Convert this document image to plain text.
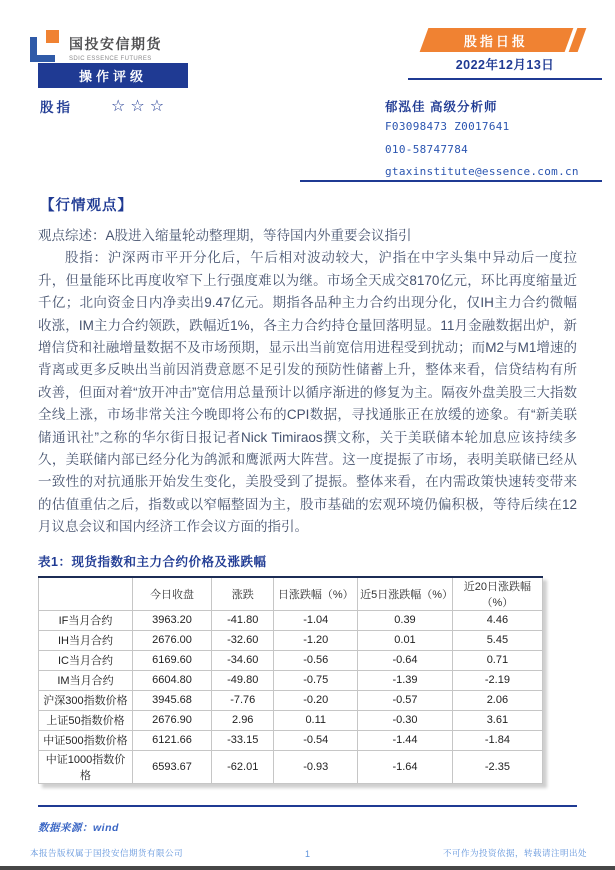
国投安信期货
SDIC ESSENCE FUTURES
操作评级
股指 ☆☆☆
股指日报
2022年12月13日
郁泓佳 高级分析师
F03098473 Z0017641
010-58747784
gtaxinstitute@essence.com.cn
【行情观点】

观点综述：A股进入缩量轮动整理期，等待国内外重要会议指引

股指：沪深两市平开分化后，午后相对波动较大，沪指在中字头集中异动后一度拉升，但量能环比再度收窄下上行强度难以为继。市场全天成交8170亿元，环比再度缩量近千亿；北向资金日内净卖出9.47亿元。期指各品种主力合约出现分化，仅IH主力合约微幅收涨，IM主力合约领跌，跌幅近1%，各主力合约持仓量回落明显。11月金融数据出炉，新增信贷和社融增量数据不及市场预期，显示出当前宽信用进程受到扰动；而M2与M1增速的背离或更多反映出当前因消费意愿不足引发的预防性储蓄上升，整体来看，信贷结构有所改善，但面对着“放开冲击”宽信用总量预计以循序渐进的修复为主。隔夜外盘美股三大指数全线上涨，市场非常关注今晚即将公布的CPI数据，寻找通胀正在放缓的迹象。有“新美联储通讯社”之称的华尔街日报记者Nick Timiraos撰文称，关于美联储本轮加息应该持续多久，美联储内部已经分化为鸽派和鹰派两大阵营。这一度提振了市场，表明美联储已经从一致性的对抗通胀开始发生变化，美股受到了提振。整体来看，在内需政策快速转变带来的估值重估之后，指数或以窄幅整固为主，股市基础的宏观环境仍偏积极，等待后续在12月议息会议和国内经济工作会议方面的指引。

表1：现货指数和主力合约价格及涨跌幅
	今日收盘	涨跌	日涨跌幅（%）	近5日涨跌幅（%）	近20日涨跌幅（%）
IF当月合约	3963.20	-41.80	-1.04	0.39	4.46
IH当月合约	2676.00	-32.60	-1.20	0.01	5.45
IC当月合约	6169.60	-34.60	-0.56	-0.64	0.71
IM当月合约	6604.80	-49.80	-0.75	-1.39	-2.19
沪深300指数价格	3945.68	-7.76	-0.20	-0.57	2.06
上证50指数价格	2676.90	2.96	0.11	-0.30	3.61
中证500指数价格	6121.66	-33.15	-0.54	-1.44	-1.84
中证1000指数价格	6593.67	-62.01	-0.93	-1.64	-2.35
数据来源：wind
本报告版权属于国投安信期货有限公司	1	不可作为投资依据，转载请注明出处
